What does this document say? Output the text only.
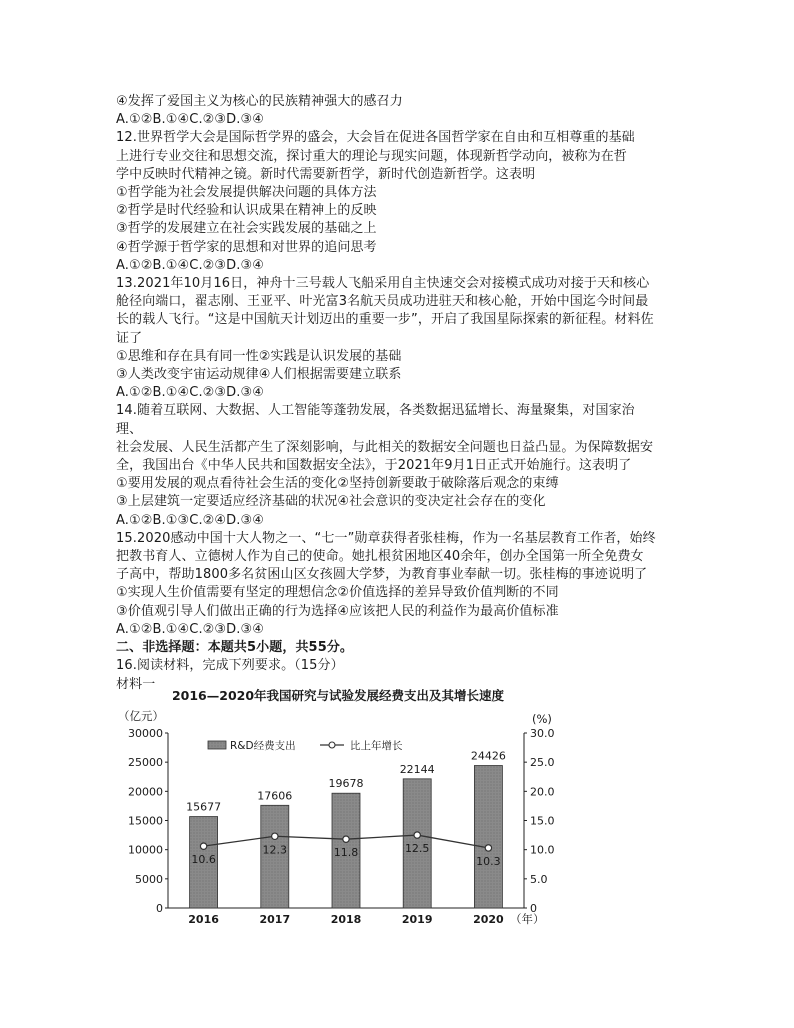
④发挥了爱国主义为核心的民族精神强大的感召力
A.①②B.①④C.②③D.③④
12.世界哲学大会是国际哲学界的盛会，大会旨在促进各国哲学家在自由和互相尊重的基础
上进行专业交往和思想交流，探讨重大的理论与现实问题，体现新哲学动向，被称为在哲
学中反映时代精神之镜。新时代需要新哲学，新时代创造新哲学。这表明
①哲学能为社会发展提供解决问题的具体方法
②哲学是时代经验和认识成果在精神上的反映
③哲学的发展建立在社会实践发展的基础之上
④哲学源于哲学家的思想和对世界的追问思考
A.①②B.①④C.②③D.③④
13.2021年10月16日，神舟十三号载人飞船采用自主快速交会对接模式成功对接于天和核心
舱径向端口，翟志刚、王亚平、叶光富3名航天员成功进驻天和核心舱，开始中国迄今时间最
长的载人飞行。“这是中国航天计划迈出的重要一步”，开启了我国星际探索的新征程。材料佐
证了
①思维和存在具有同一性②实践是认识发展的基础
③人类改变宇宙运动规律④人们根据需要建立联系
A.①②B.①④C.②③D.③④
14.随着互联网、大数据、人工智能等蓬勃发展，各类数据迅猛增长、海量聚集，对国家治
理、
社会发展、人民生活都产生了深刻影响，与此相关的数据安全问题也日益凸显。为保障数据安
全，我国出台《中华人民共和国数据安全法》，于2021年9月1日正式开始施行。这表明了
①要用发展的观点看待社会生活的变化②坚持创新要敢于破除落后观念的束缚
③上层建筑一定要适应经济基础的状况④社会意识的变决定社会存在的变化
A.①②B.①③C.②④D.③④
15.2020感动中国十大人物之一、“七一”勋章获得者张桂梅，作为一名基层教育工作者，始终
把教书育人、立德树人作为自己的使命。她扎根贫困地区40余年，创办全国第一所全免费女
子高中，帮助1800多名贫困山区女孩圆大学梦，为教育事业奉献一切。张桂梅的事迹说明了
①实现人生价值需要有坚定的理想信念②价值选择的差异导致价值判断的不同
③价值观引导人们做出正确的行为选择④应该把人民的利益作为最高价值标准
A.①②B.①④C.②③D.③④
二、非选择题：本题共5小题，共55分。
16.阅读材料，完成下列要求。（15分）
材料一
2016—2020年我国研究与试验发展经费支出及其增长速度
（亿元）	(%)
（年）
0
5000
10000
15000
20000
25000
30000
0
5.0
10.0
15.0
20.0
25.0
30.0
15677
17606
19678
22144
24426
2016	2017	2018	2019	2020
10.6
12.3	11.8	12.5
10.3
R&D经费支出	比上年增长
